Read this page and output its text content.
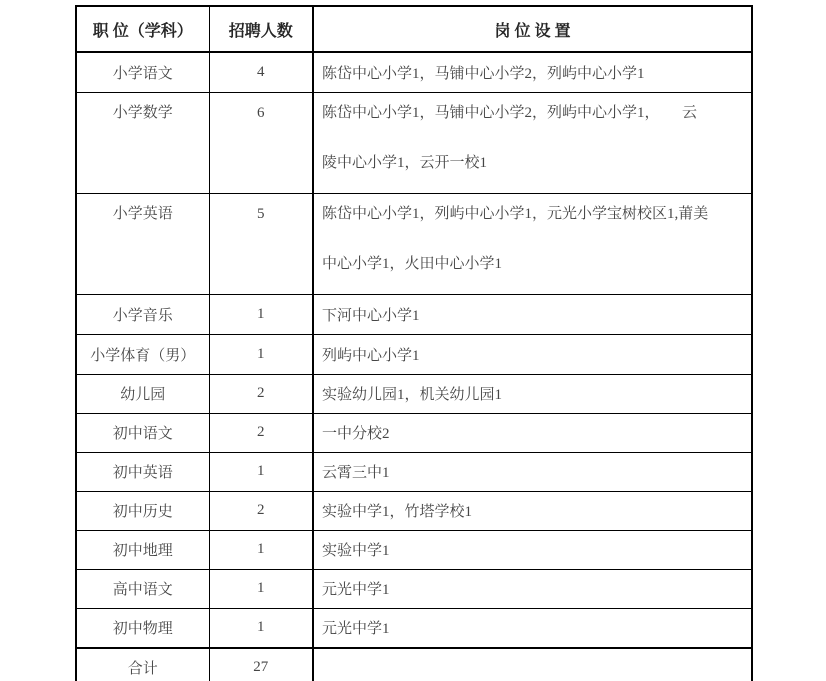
职 位（学科）	招聘人数	岗 位 设 置
小学语文	4	陈岱中心小学1，马铺中心小学2，列屿中心小学1
小学数学	6	陈岱中心小学1，马铺中心小学2，列屿中心小学1，　　云
陵中心小学1，云开一校1

小学英语	5	陈岱中心小学1，列屿中心小学1，元光小学宝树校区1,莆美
中心小学1，火田中心小学1

小学音乐	1	下河中心小学1
小学体育（男）	1	列屿中心小学1
幼儿园	2	实验幼儿园1，机关幼儿园1
初中语文	2	一中分校2
初中英语	1	云霄三中1
初中历史	2	实验中学1，竹塔学校1
初中地理	1	实验中学1
高中语文	1	元光中学1
初中物理	1	元光中学1
合计	27	
